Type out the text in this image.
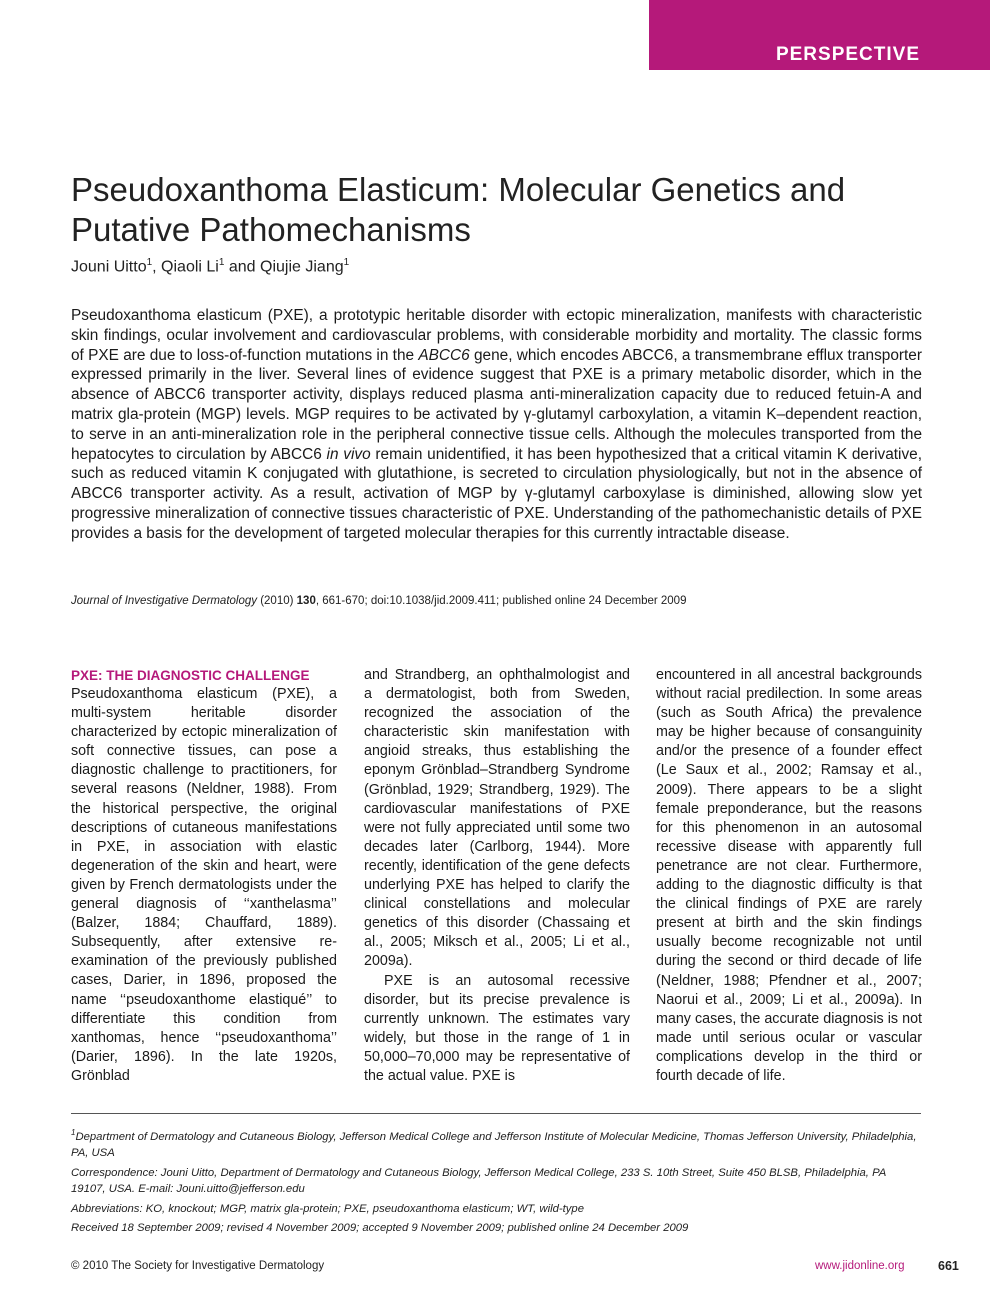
PERSPECTIVE
Pseudoxanthoma Elasticum: Molecular Genetics and Putative Pathomechanisms
Jouni Uitto$^1$, Qiaoli Li$^1$ and Qiujie Jiang$^1$

Pseudoxanthoma elasticum (PXE), a prototypic heritable disorder with ectopic mineralization, manifests with characteristic skin findings, ocular involvement and cardiovascular problems, with considerable morbidity and mortality. The classic forms of PXE are due to loss-of-function mutations in the ABCC6 gene, which encodes ABCC6, a transmembrane efflux transporter expressed primarily in the liver. Several lines of evidence suggest that PXE is a primary metabolic disorder, which in the absence of ABCC6 transporter activity, displays reduced plasma anti-mineralization capacity due to reduced fetuin-A and matrix gla-protein (MGP) levels. MGP requires to be activated by γ-glutamyl carboxylation, a vitamin K–dependent reaction, to serve in an anti-mineralization role in the peripheral connective tissue cells. Although the molecules transported from the hepatocytes to circulation by ABCC6 in vivo remain unidentified, it has been hypothesized that a critical vitamin K derivative, such as reduced vitamin K conjugated with glutathione, is secreted to circulation physiologically, but not in the absence of ABCC6 transporter activity. As a result, activation of MGP by γ-glutamyl carboxylase is diminished, allowing slow yet progressive mineralization of connective tissues characteristic of PXE. Understanding of the pathomechanistic details of PXE provides a basis for the development of targeted molecular therapies for this currently intractable disease.

Journal of Investigative Dermatology (2010) 130, 661-670; doi:10.1038/jid.2009.411; published online 24 December 2009
PXE: THE DIAGNOSTIC CHALLENGE

Pseudoxanthoma elasticum (PXE), a multi-system heritable disorder characterized by ectopic mineralization of soft connective tissues, can pose a diagnostic challenge to practitioners, for several reasons (Neldner, 1988). From the historical perspective, the original descriptions of cutaneous manifestations in PXE, in association with elastic degeneration of the skin and heart, were given by French dermatologists under the general diagnosis of ‘‘xanthelasma’’ (Balzer, 1884; Chauffard, 1889). Subsequently, after extensive re-examination of the previously published cases, Darier, in 1896, proposed the name ‘‘pseudoxanthome elastiqué’’ to differentiate this condition from xanthomas, hence ‘‘pseudoxanthoma’’ (Darier, 1896). In the late 1920s, Grönblad

and Strandberg, an ophthalmologist and a dermatologist, both from Sweden, recognized the association of the characteristic skin manifestation with angioid streaks, thus establishing the eponym Grönblad–Strandberg Syndrome (Grönblad, 1929; Strandberg, 1929). The cardiovascular manifestations of PXE were not fully appreciated until some two decades later (Carlborg, 1944). More recently, identification of the gene defects underlying PXE has helped to clarify the clinical constellations and molecular genetics of this disorder (Chassaing et al., 2005; Miksch et al., 2005; Li et al., 2009a).

PXE is an autosomal recessive disorder, but its precise prevalence is currently unknown. The estimates vary widely, but those in the range of 1 in 50,000–70,000 may be representative of the actual value. PXE is

encountered in all ancestral backgrounds without racial predilection. In some areas (such as South Africa) the prevalence may be higher because of consanguinity and/or the presence of a founder effect (Le Saux et al., 2002; Ramsay et al., 2009). There appears to be a slight female preponderance, but the reasons for this phenomenon in an autosomal recessive disease with apparently full penetrance are not clear. Furthermore, adding to the diagnostic difficulty is that the clinical findings of PXE are rarely present at birth and the skin findings usually become recognizable not until during the second or third decade of life (Neldner, 1988; Pfendner et al., 2007; Naorui et al., 2009; Li et al., 2009a). In many cases, the accurate diagnosis is not made until serious ocular or vascular complications develop in the third or fourth decade of life.

$^1$Department of Dermatology and Cutaneous Biology, Jefferson Medical College and Jefferson Institute of Molecular Medicine, Thomas Jefferson University, Philadelphia, PA, USA

Correspondence: Jouni Uitto, Department of Dermatology and Cutaneous Biology, Jefferson Medical College, 233 S. 10th Street, Suite 450 BLSB, Philadelphia, PA 19107, USA. E-mail: Jouni.uitto@jefferson.edu

Abbreviations: KO, knockout; MGP, matrix gla-protein; PXE, pseudoxanthoma elasticum; WT, wild-type

Received 18 September 2009; revised 4 November 2009; accepted 9 November 2009; published online 24 December 2009

© 2010 The Society for Investigative Dermatology	www.jidonline.org	661
